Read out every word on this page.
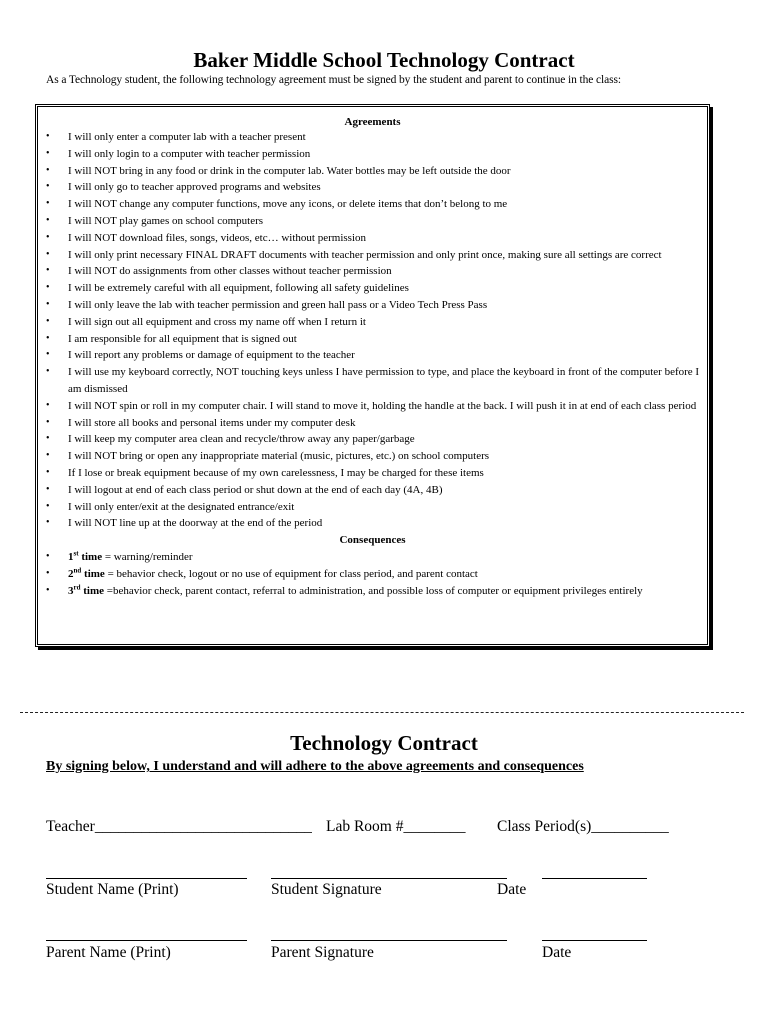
Baker Middle School Technology Contract
As a Technology student, the following technology agreement must be signed by the student and parent to continue in the class:
Agreements
• I will only enter a computer lab with a teacher present
• I will only login to a computer with teacher permission
• I will NOT bring in any food or drink in the computer lab. Water bottles may be left outside the door
• I will only go to teacher approved programs and websites
• I will NOT change any computer functions, move any icons, or delete items that don’t belong to me
• I will NOT play games on school computers
• I will NOT download files, songs, videos, etc… without permission
• I will only print necessary FINAL DRAFT documents with teacher permission and only print once, making sure all settings are correct
• I will NOT do assignments from other classes without teacher permission
• I will be extremely careful with all equipment, following all safety guidelines
• I will only leave the lab with teacher permission and green hall pass or a Video Tech Press Pass
• I will sign out all equipment and cross my name off when I return it
• I am responsible for all equipment that is signed out
• I will report any problems or damage of equipment to the teacher
• I will use my keyboard correctly, NOT touching keys unless I have permission to type, and place the keyboard in front of the computer before I am dismissed
• I will NOT spin or roll in my computer chair. I will stand to move it, holding the handle at the back. I will push it in at end of each class period
• I will store all books and personal items under my computer desk
• I will keep my computer area clean and recycle/throw away any paper/garbage
• I will NOT bring or open any inappropriate material (music, pictures, etc.) on school computers
• If I lose or break equipment because of my own carelessness, I may be charged for these items
• I will logout at end of each class period or shut down at the end of each day (4A, 4B)
• I will only enter/exit at the designated entrance/exit
• I will NOT line up at the doorway at the end of the period
Consequences
• 1st time = warning/reminder
• 2nd time = behavior check, logout or no use of equipment for class period, and parent contact
• 3rd time =behavior check, parent contact, referral to administration, and possible loss of computer or equipment privileges entirely
Technology Contract
By signing below, I understand and will adhere to the above agreements and consequences
Teacher____________________________ Lab Room #________ Class Period(s)__________
Student Name (Print)	Student Signature	Date
Parent Name (Print)	Parent Signature	Date
